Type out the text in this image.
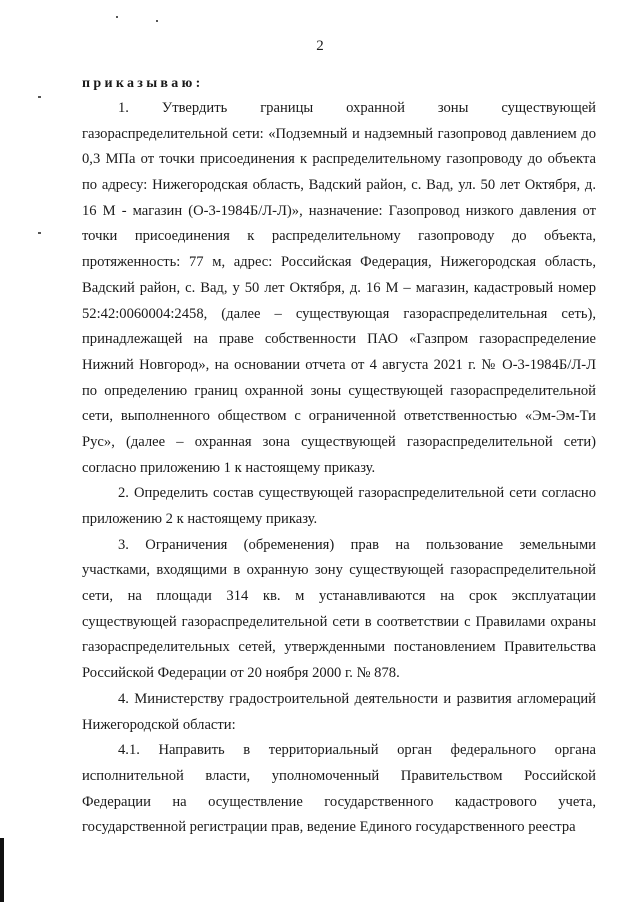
2
приказываю:
1. Утвердить границы охранной зоны существующей
газораспределительной сети: «Подземный и надземный газопровод давлением до
0,3 МПа от точки присоединения к распределительному газопроводу до объекта
по адресу: Нижегородская область, Вадский район, с. Вад, ул. 50 лет Октября, д.
16 М - магазин (О-3-1984Б/Л-Л)», назначение: Газопровод низкого давления от
точки присоединения к распределительному газопроводу до объекта,
протяженность: 77 м, адрес: Российская Федерация, Нижегородская область,
Вадский район, с. Вад, у 50 лет Октября, д. 16 М – магазин, кадастровый номер
52:42:0060004:2458, (далее – существующая газораспределительная сеть),
принадлежащей на праве собственности ПАО «Газпром газораспределение
Нижний Новгород», на основании отчета от 4 августа 2021 г. № О-3-1984Б/Л-Л
по определению границ охранной зоны существующей газораспределительной
сети, выполненного обществом с ограниченной ответственностью «Эм-Эм-Ти
Рус», (далее – охранная зона существующей газораспределительной сети)
согласно приложению 1 к настоящему приказу.
2. Определить состав существующей газораспределительной сети согласно
приложению 2 к настоящему приказу.
3. Ограничения (обременения) прав на пользование земельными
участками, входящими в охранную зону существующей газораспределительной
сети, на площади 314 кв. м устанавливаются на срок эксплуатации
существующей газораспределительной сети в соответствии с Правилами охраны
газораспределительных сетей, утвержденными постановлением Правительства
Российской Федерации от 20 ноября 2000 г. № 878.
4. Министерству градостроительной деятельности и развития агломераций
Нижегородской области:
4.1. Направить в территориальный орган федерального органа
исполнительной власти, уполномоченный Правительством Российской
Федерации на осуществление государственного кадастрового учета,
государственной регистрации прав, ведение Единого государственного реестра
